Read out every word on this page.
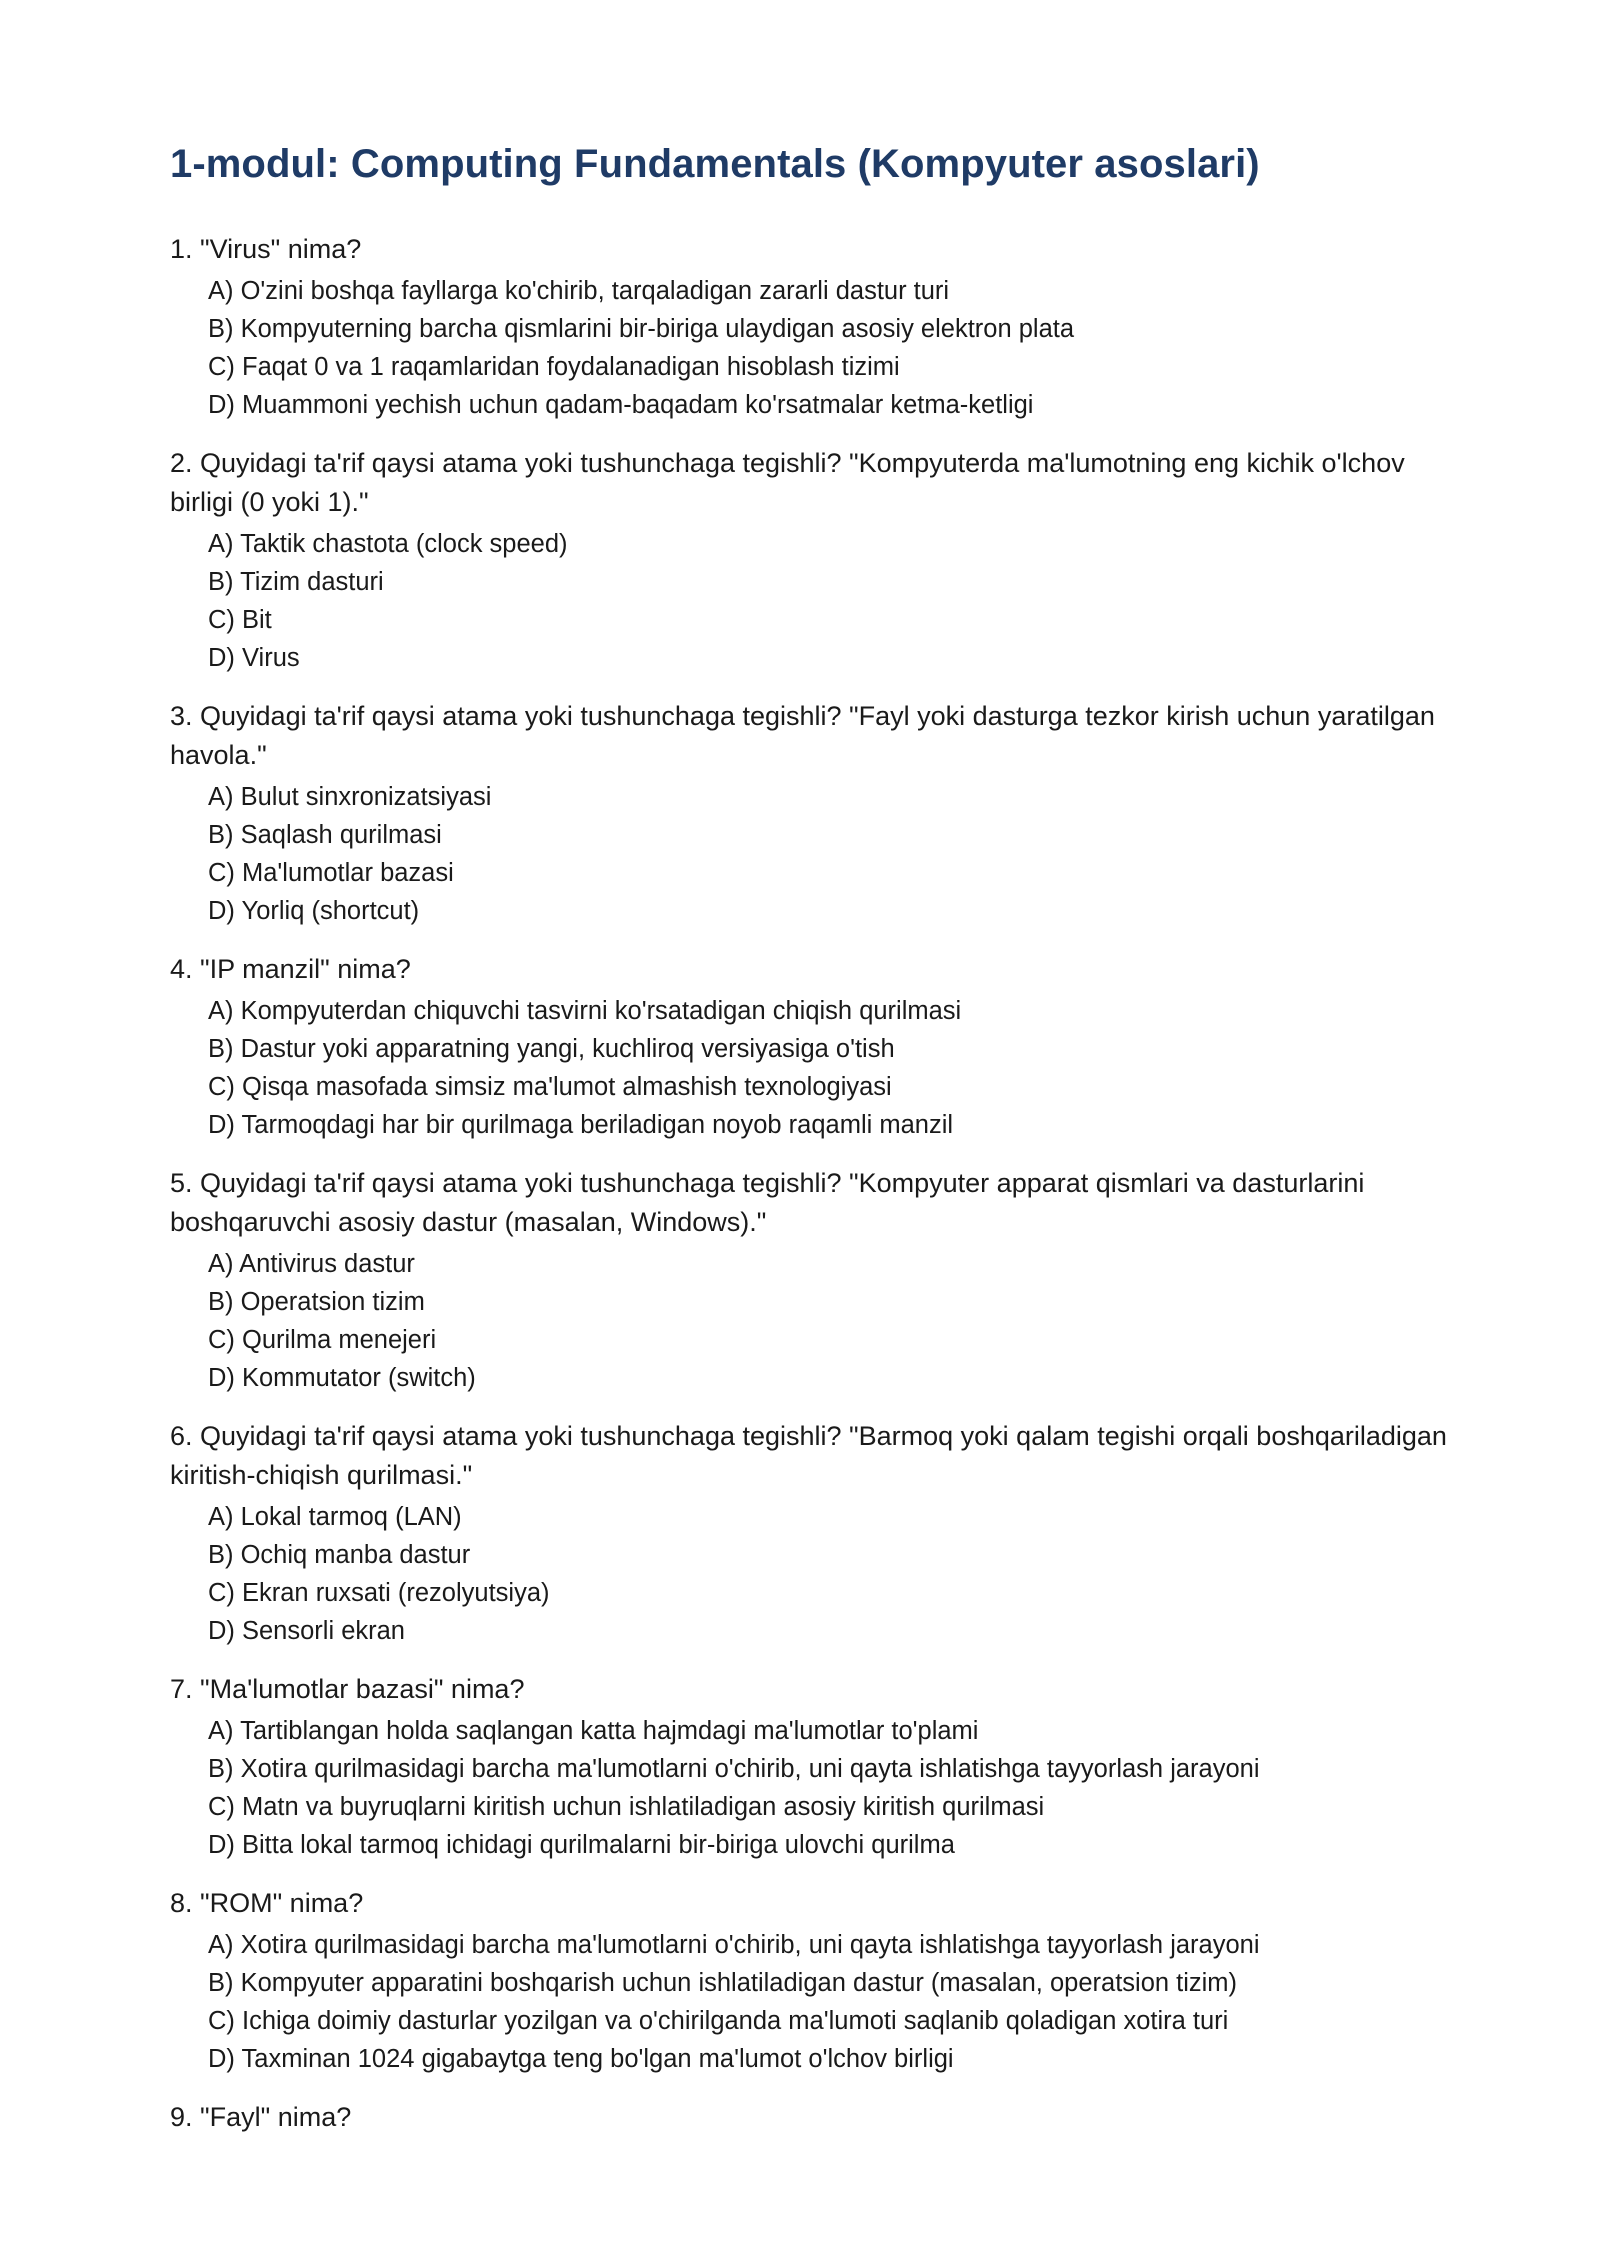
1-modul: Computing Fundamentals (Kompyuter asoslari)
1. "Virus" nima?
A) O'zini boshqa fayllarga ko'chirib, tarqaladigan zararli dastur turi
B) Kompyuterning barcha qismlarini bir-biriga ulaydigan asosiy elektron plata
C) Faqat 0 va 1 raqamlaridan foydalanadigan hisoblash tizimi
D) Muammoni yechish uchun qadam-baqadam ko'rsatmalar ketma-ketligi
2. Quyidagi ta'rif qaysi atama yoki tushunchaga tegishli? "Kompyuterda ma'lumotning eng kichik o'lchov birligi (0 yoki 1)."
A) Taktik chastota (clock speed)
B) Tizim dasturi
C) Bit
D) Virus
3. Quyidagi ta'rif qaysi atama yoki tushunchaga tegishli? "Fayl yoki dasturga tezkor kirish uchun yaratilgan havola."
A) Bulut sinxronizatsiyasi
B) Saqlash qurilmasi
C) Ma'lumotlar bazasi
D) Yorliq (shortcut)
4. "IP manzil" nima?
A) Kompyuterdan chiquvchi tasvirni ko'rsatadigan chiqish qurilmasi
B) Dastur yoki apparatning yangi, kuchliroq versiyasiga o'tish
C) Qisqa masofada simsiz ma'lumot almashish texnologiyasi
D) Tarmoqdagi har bir qurilmaga beriladigan noyob raqamli manzil
5. Quyidagi ta'rif qaysi atama yoki tushunchaga tegishli? "Kompyuter apparat qismlari va dasturlarini boshqaruvchi asosiy dastur (masalan, Windows)."
A) Antivirus dastur
B) Operatsion tizim
C) Qurilma menejeri
D) Kommutator (switch)
6. Quyidagi ta'rif qaysi atama yoki tushunchaga tegishli? "Barmoq yoki qalam tegishi orqali boshqariladigan kiritish-chiqish qurilmasi."
A) Lokal tarmoq (LAN)
B) Ochiq manba dastur
C) Ekran ruxsati (rezolyutsiya)
D) Sensorli ekran
7. "Ma'lumotlar bazasi" nima?
A) Tartiblangan holda saqlangan katta hajmdagi ma'lumotlar to'plami
B) Xotira qurilmasidagi barcha ma'lumotlarni o'chirib, uni qayta ishlatishga tayyorlash jarayoni
C) Matn va buyruqlarni kiritish uchun ishlatiladigan asosiy kiritish qurilmasi
D) Bitta lokal tarmoq ichidagi qurilmalarni bir-biriga ulovchi qurilma
8. "ROM" nima?
A) Xotira qurilmasidagi barcha ma'lumotlarni o'chirib, uni qayta ishlatishga tayyorlash jarayoni
B) Kompyuter apparatini boshqarish uchun ishlatiladigan dastur (masalan, operatsion tizim)
C) Ichiga doimiy dasturlar yozilgan va o'chirilganda ma'lumoti saqlanib qoladigan xotira turi
D) Taxminan 1024 gigabaytga teng bo'lgan ma'lumot o'lchov birligi
9. "Fayl" nima?
